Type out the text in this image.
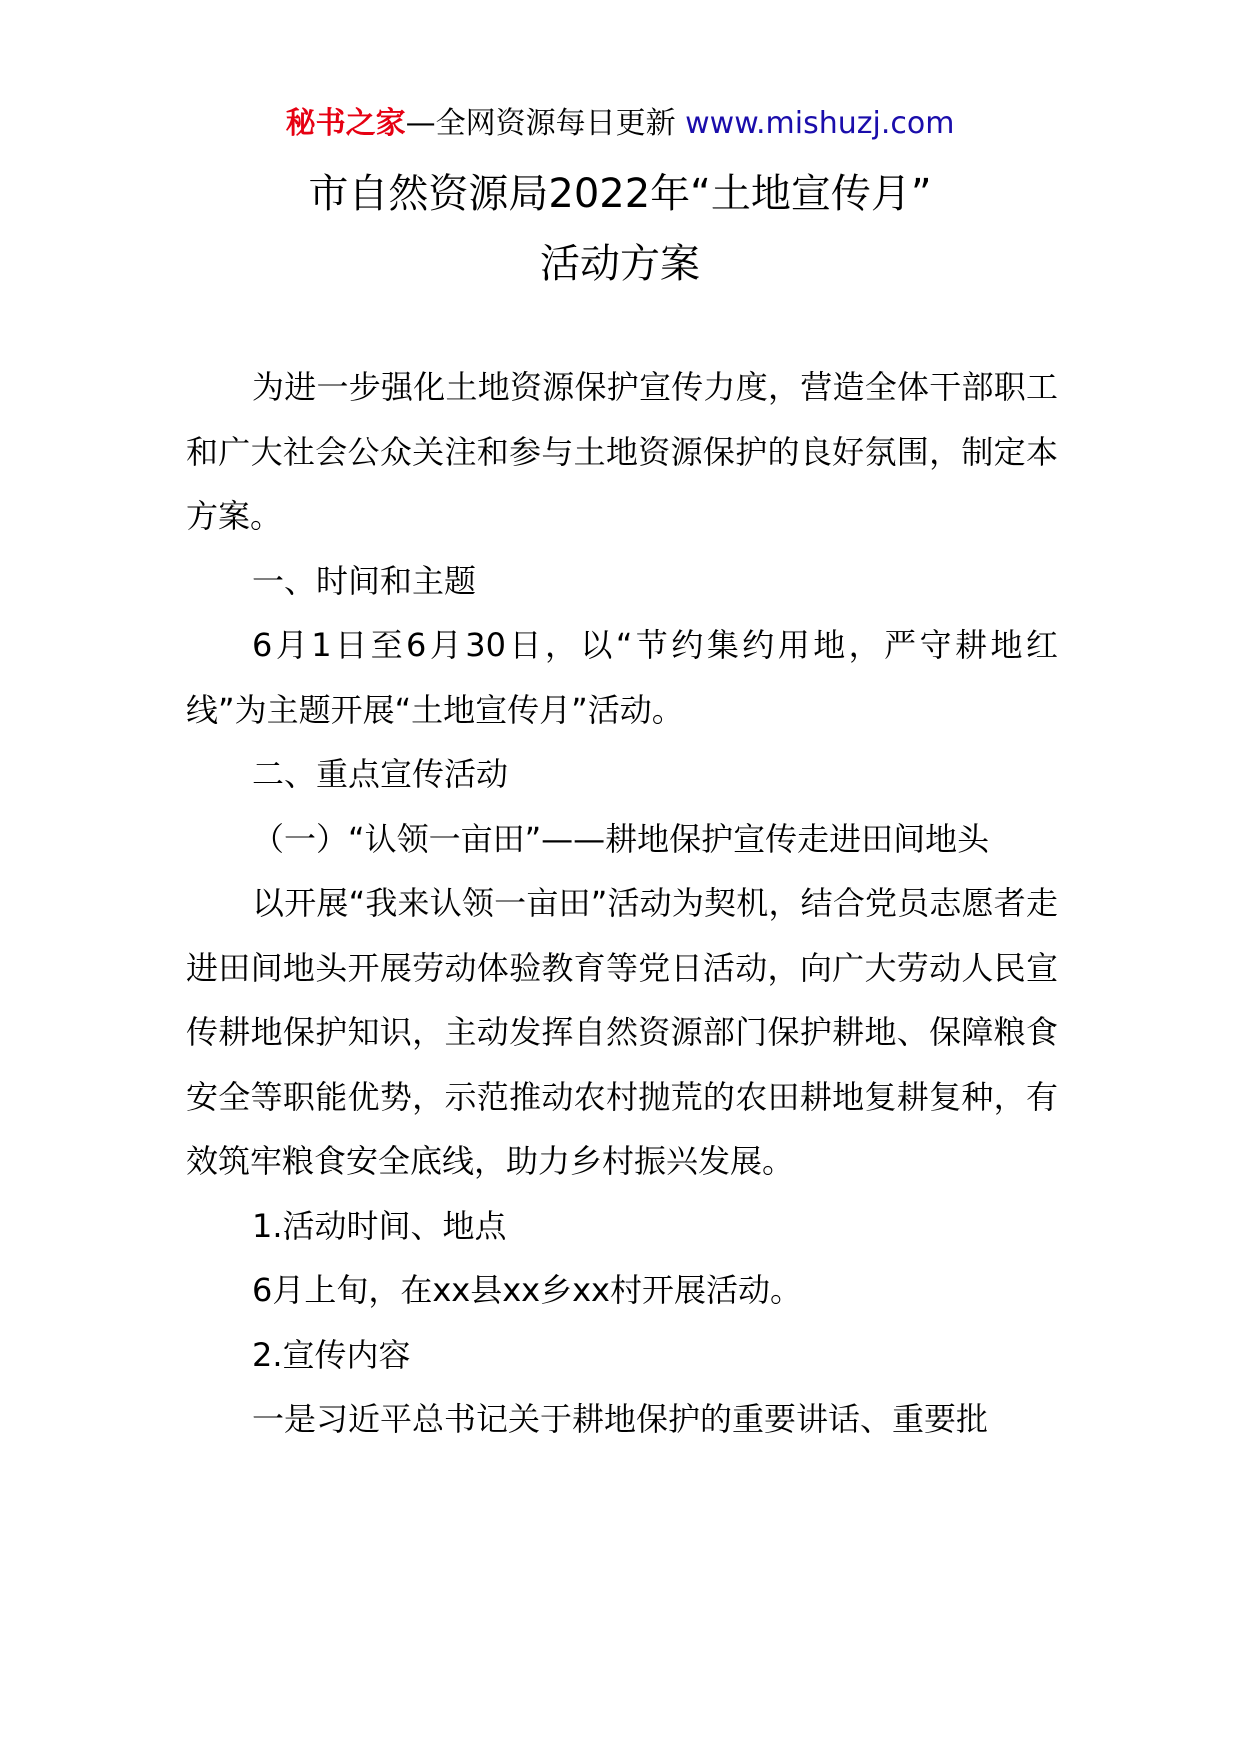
秘书之家—全网资源每日更新 www.mishuzj.com
市自然资源局2022年“土地宣传月”
活动方案

为进一步强化土地资源保护宣传力度，营造全体干部职工和广大社会公众关注和参与土地资源保护的良好氛围，制定本方案。

一、时间和主题

6月1日至6月30日，以“节约集约用地，严守耕地红线”为主题开展“土地宣传月”活动。

二、重点宣传活动

（一）“认领一亩田”——耕地保护宣传走进田间地头

以开展“我来认领一亩田”活动为契机，结合党员志愿者走进田间地头开展劳动体验教育等党日活动，向广大劳动人民宣传耕地保护知识，主动发挥自然资源部门保护耕地、保障粮食安全等职能优势，示范推动农村抛荒的农田耕地复耕复种，有效筑牢粮食安全底线，助力乡村振兴发展。

1.活动时间、地点

6月上旬，在xx县xx乡xx村开展活动。

2.宣传内容

一是习近平总书记关于耕地保护的重要讲话、重要批
